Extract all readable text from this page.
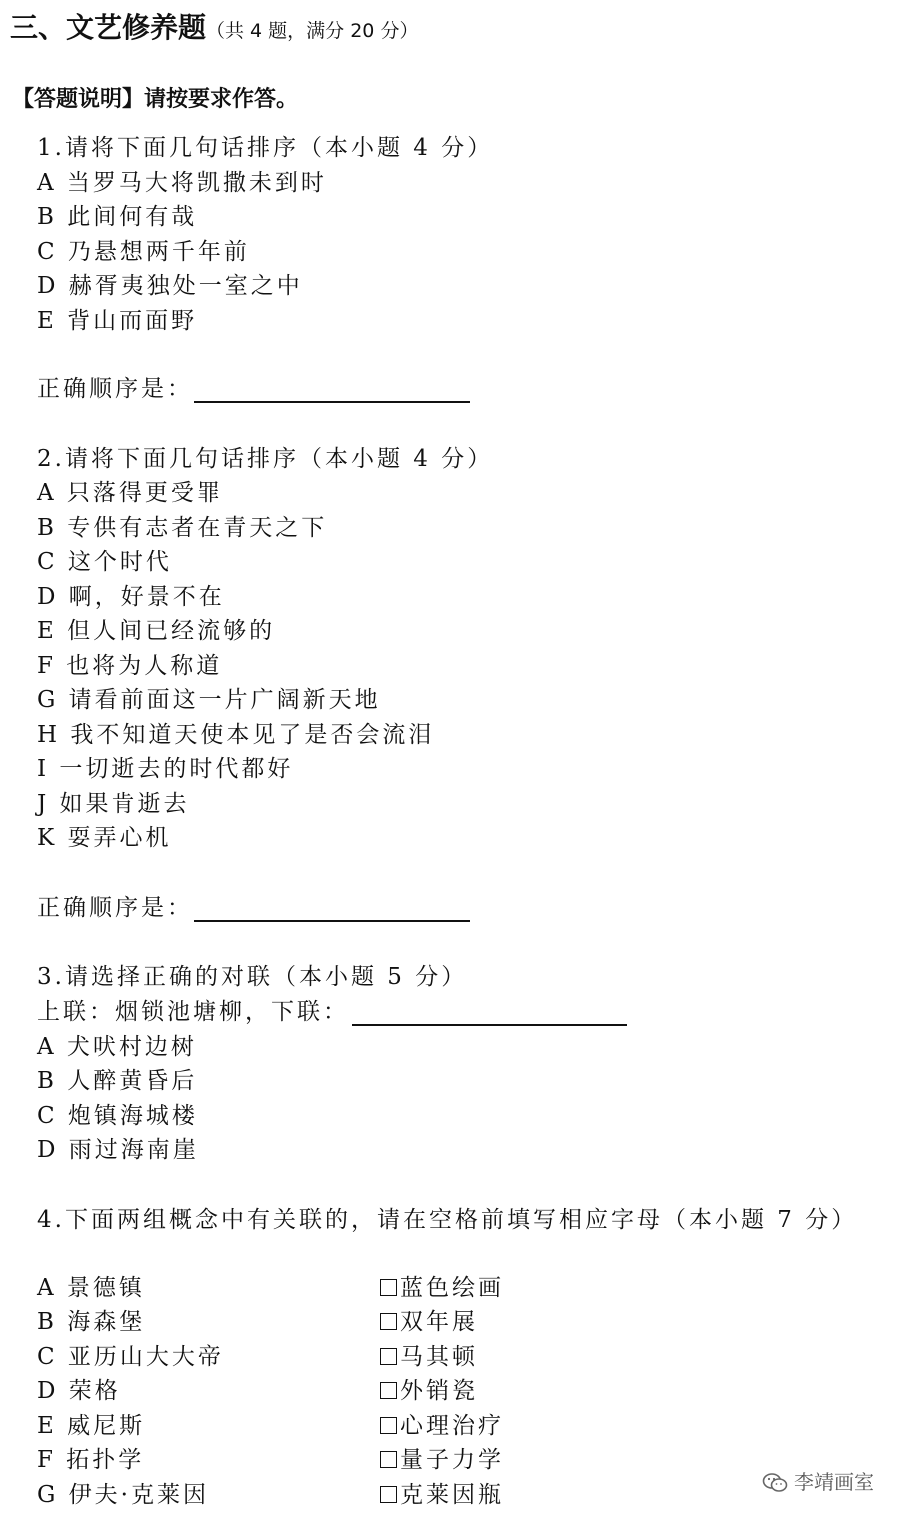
三、文艺修养题（共 4 题，满分 20 分）
【答题说明】请按要求作答。
1.请将下面几句话排序（本小题 4 分）
A 当罗马大将凯撒未到时
B 此间何有哉
C 乃悬想两千年前
D 赫胥夷独处一室之中
E 背山而面野
正确顺序是：
2.请将下面几句话排序（本小题 4 分）
A 只落得更受罪
B 专供有志者在青天之下
C 这个时代
D 啊，好景不在
E 但人间已经流够的
F 也将为人称道
G 请看前面这一片广阔新天地
H 我不知道天使本见了是否会流泪
I 一切逝去的时代都好
J 如果肯逝去
K 耍弄心机
正确顺序是：
3.请选择正确的对联（本小题 5 分）
上联：烟锁池塘柳，下联：
A 犬吠村边树
B 人醉黄昏后
C 炮镇海城楼
D 雨过海南崖
4.下面两组概念中有关联的，请在空格前填写相应字母（本小题 7 分）
A 景德镇
B 海森堡
C 亚历山大大帝
D 荣格
E 威尼斯
F 拓扑学
G 伊夫·克莱因
蓝色绘画
双年展
马其顿
外销瓷
心理治疗
量子力学
克莱因瓶	李靖画室
